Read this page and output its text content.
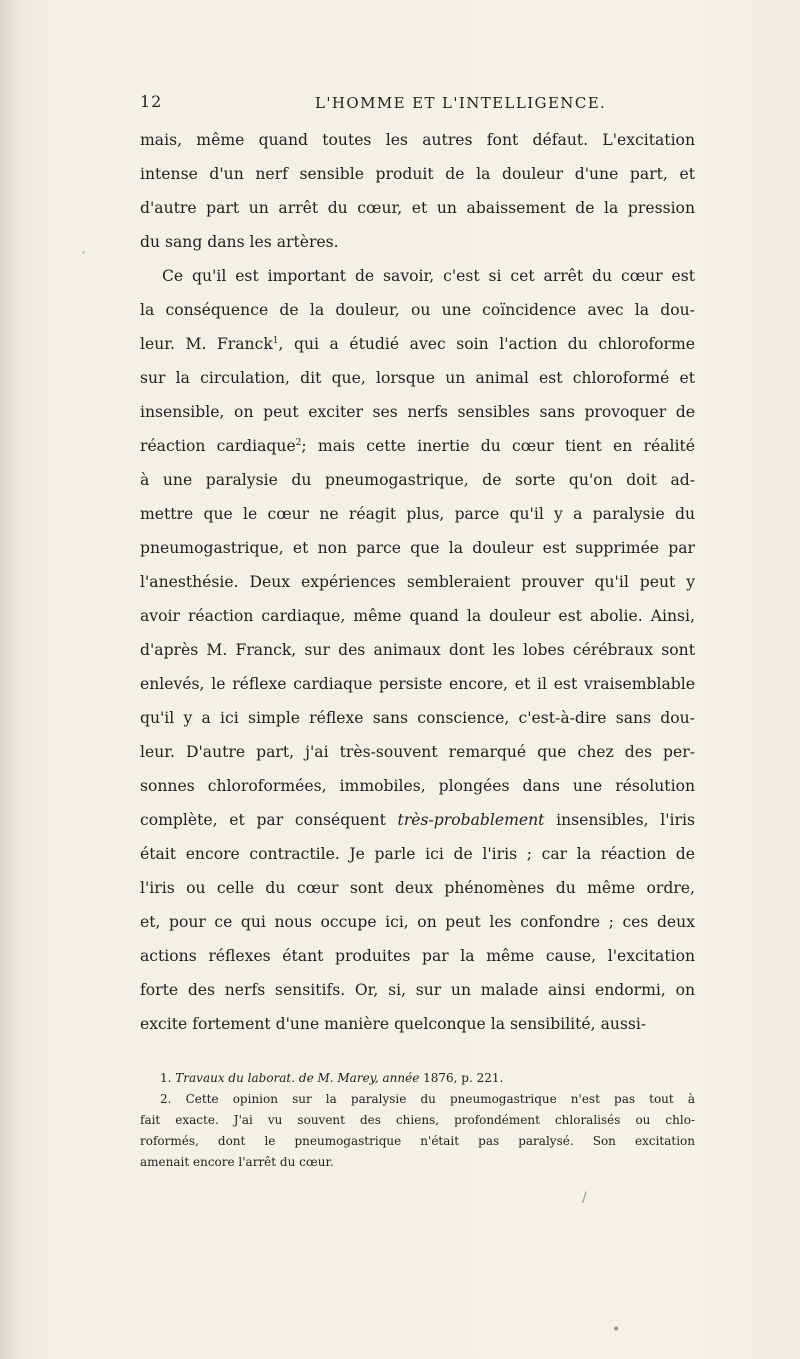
12	L'HOMME ET L'INTELLIGENCE.
mais, même quand toutes les autres font défaut. L'excitation
intense d'un nerf sensible produit de la douleur d'une part, et
d'autre part un arrêt du cœur, et un abaissement de la pression
du sang dans les artères.
Ce qu'il est important de savoir, c'est si cet arrêt du cœur est
la conséquence de la douleur, ou une coïncidence avec la dou-
leur. M. Franck$^1$, qui a étudié avec soin l'action du chloroforme
sur la circulation, dit que, lorsque un animal est chloroformé et
insensible, on peut exciter ses nerfs sensibles sans provoquer de
réaction cardiaque$^2$; mais cette inertie du cœur tient en réalité
à une paralysie du pneumogastrique, de sorte qu'on doit ad-
mettre que le cœur ne réagit plus, parce qu'il y a paralysie du
pneumogastrique, et non parce que la douleur est supprimée par
l'anesthésie. Deux expériences sembleraient prouver qu'il peut y
avoir réaction cardiaque, même quand la douleur est abolie. Ainsi,
d'après M. Franck, sur des animaux dont les lobes cérébraux sont
enlevés, le réflexe cardiaque persiste encore, et il est vraisemblable
qu'il y a ici simple réflexe sans conscience, c'est-à-dire sans dou-
leur. D'autre part, j'ai très-souvent remarqué que chez des per-
sonnes chloroformées, immobiles, plongées dans une résolution
complète, et par conséquent très-probablement insensibles, l'iris
était encore contractile. Je parle ici de l'iris ; car la réaction de
l'iris ou celle du cœur sont deux phénomènes du même ordre,
et, pour ce qui nous occupe ici, on peut les confondre ; ces deux
actions réflexes étant produites par la même cause, l'excitation
forte des nerfs sensitifs. Or, si, sur un malade ainsi endormi, on
excite fortement d'une manière quelconque la sensibilité, aussi-
1. Travaux du laborat. de M. Marey, année 1876, p. 221.
2. Cette opinion sur la paralysie du pneumogastrique n'est pas tout à
fait exacte. J'ai vu souvent des chiens, profondément chloralisés ou chlo-
roformés, dont le pneumogastrique n'était pas paralysé. Son excitation
amenait encore l'arrêt du cœur.
′
/
•
